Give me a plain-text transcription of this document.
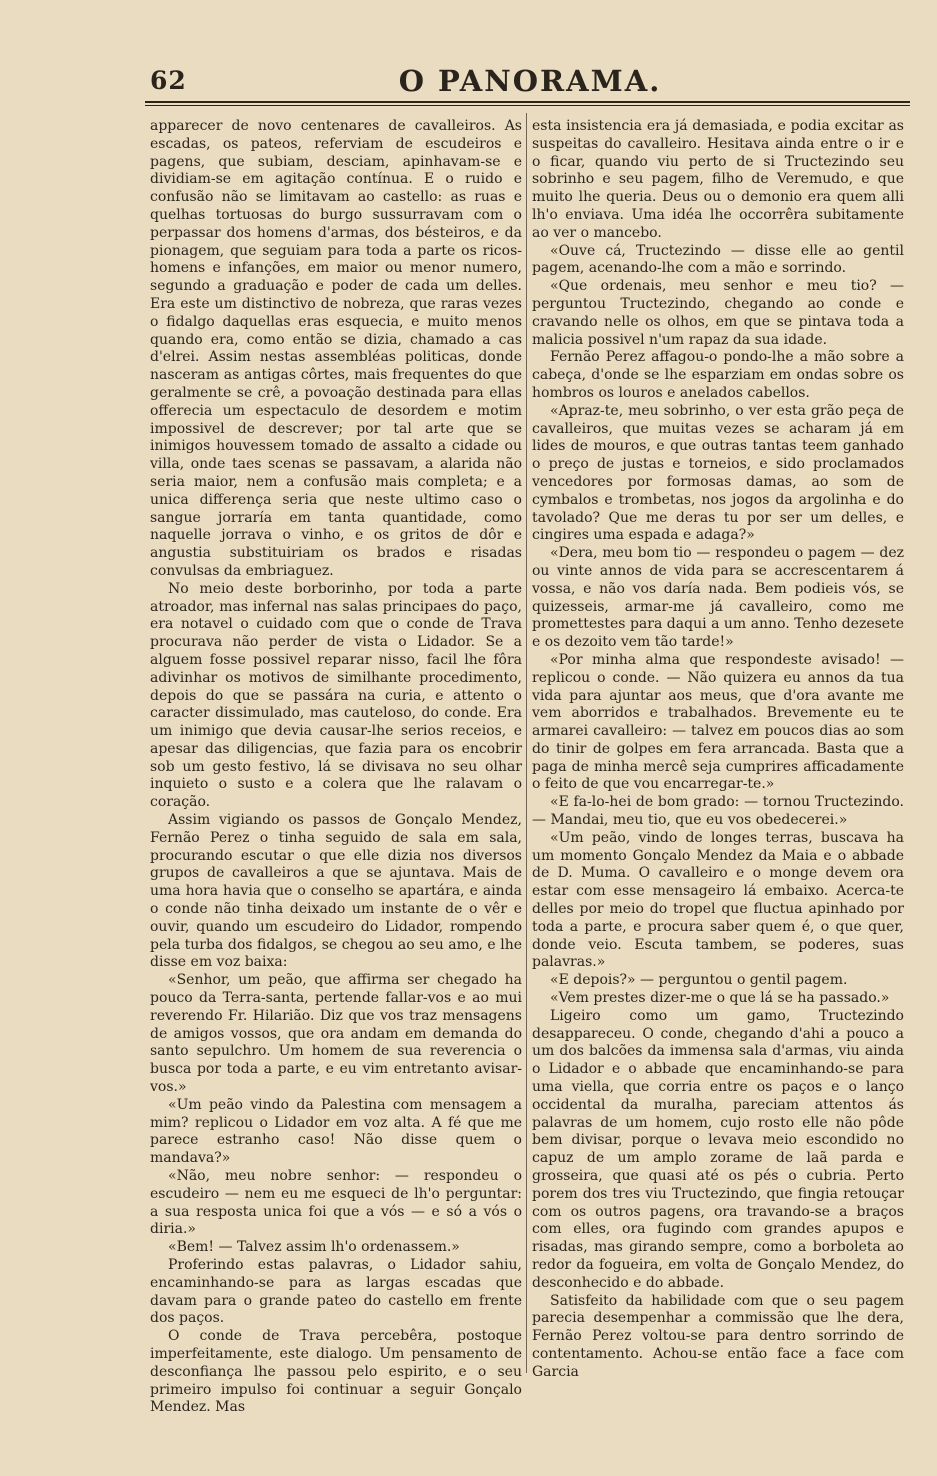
62	O PANORAMA.

apparecer de novo centenares de cavalleiros. As escadas, os pateos, referviam de escudeiros e pagens, que subiam, desciam, apinhavam-se e dividiam-se em agitação contínua. E o ruido e confusão não se limitavam ao castello: as ruas e quelhas tortuosas do burgo sussurravam com o perpassar dos homens d'armas, dos bésteiros, e da pionagem, que seguiam para toda a parte os ricos-homens e infanções, em maior ou menor numero, segundo a graduação e poder de cada um delles. Era este um distinctivo de nobreza, que raras vezes o fidalgo daquellas eras esquecia, e muito menos quando era, como então se dizia, chamado a cas d'elrei. Assim nestas assembléas politicas, donde nasceram as antigas côrtes, mais frequentes do que geralmente se crê, a povoação destinada para ellas offerecia um espectaculo de desordem e motim impossivel de descrever; por tal arte que se inimigos houvessem tomado de assalto a cidade ou villa, onde taes scenas se passavam, a alarida não seria maior, nem a confusão mais completa; e a unica differença seria que neste ultimo caso o sangue jorraría em tanta quantidade, como naquelle jorrava o vinho, e os gritos de dôr e angustia substituiriam os brados e risadas convulsas da embriaguez.

No meio deste borborinho, por toda a parte atroador, mas infernal nas salas principaes do paço, era notavel o cuidado com que o conde de Trava procurava não perder de vista o Lidador. Se a alguem fosse possivel reparar nisso, facil lhe fôra adivinhar os motivos de similhante procedimento, depois do que se passára na curia, e attento o caracter dissimulado, mas cauteloso, do conde. Era um inimigo que devia causar-lhe serios receios, e apesar das diligencias, que fazia para os encobrir sob um gesto festivo, lá se divisava no seu olhar inquieto o susto e a colera que lhe ralavam o coração.

Assim vigiando os passos de Gonçalo Mendez, Fernão Perez o tinha seguido de sala em sala, procurando escutar o que elle dizia nos diversos grupos de cavalleiros a que se ajuntava. Mais de uma hora havia que o conselho se apartára, e ainda o conde não tinha deixado um instante de o vêr e ouvir, quando um escudeiro do Lidador, rompendo pela turba dos fidalgos, se chegou ao seu amo, e lhe disse em voz baixa:

«Senhor, um peão, que affirma ser chegado ha pouco da Terra-santa, pertende fallar-vos e ao mui reverendo Fr. Hilarião. Diz que vos traz mensagens de amigos vossos, que ora andam em demanda do santo sepulchro. Um homem de sua reverencia o busca por toda a parte, e eu vim entretanto avisar-vos.»

«Um peão vindo da Palestina com mensagem a mim? replicou o Lidador em voz alta. A fé que me parece estranho caso! Não disse quem o mandava?»

«Não, meu nobre senhor: — respondeu o escudeiro — nem eu me esqueci de lh'o perguntar: a sua resposta unica foi que a vós — e só a vós o diria.»

«Bem! — Talvez assim lh'o ordenassem.»

Proferindo estas palavras, o Lidador sahiu, encaminhando-se para as largas escadas que davam para o grande pateo do castello em frente dos paços.

O conde de Trava percebêra, postoque imperfeitamente, este dialogo. Um pensamento de desconfiança lhe passou pelo espirito, e o seu primeiro impulso foi continuar a seguir Gonçalo Mendez. Mas

esta insistencia era já demasiada, e podia excitar as suspeitas do cavalleiro. Hesitava ainda entre o ir e o ficar, quando viu perto de si Tructezindo seu sobrinho e seu pagem, filho de Veremudo, e que muito lhe queria. Deus ou o demonio era quem alli lh'o enviava. Uma idéa lhe occorrêra subitamente ao ver o mancebo.

«Ouve cá, Tructezindo — disse elle ao gentil pagem, acenando-lhe com a mão e sorrindo.

«Que ordenais, meu senhor e meu tio? — perguntou Tructezindo, chegando ao conde e cravando nelle os olhos, em que se pintava toda a malicia possivel n'um rapaz da sua idade.

Fernão Perez affagou-o pondo-lhe a mão sobre a cabeça, d'onde se lhe esparziam em ondas sobre os hombros os louros e anelados cabellos.

«Apraz-te, meu sobrinho, o ver esta grão peça de cavalleiros, que muitas vezes se acharam já em lides de mouros, e que outras tantas teem ganhado o preço de justas e torneios, e sido proclamados vencedores por formosas damas, ao som de cymbalos e trombetas, nos jogos da argolinha e do tavolado? Que me deras tu por ser um delles, e cingires uma espada e adaga?»

«Dera, meu bom tio — respondeu o pagem — dez ou vinte annos de vida para se accrescentarem á vossa, e não vos daría nada. Bem podieis vós, se quizesseis, armar-me já cavalleiro, como me promettestes para daqui a um anno. Tenho dezesete e os dezoito vem tão tarde!»

«Por minha alma que respondeste avisado! — replicou o conde. — Não quizera eu annos da tua vida para ajuntar aos meus, que d'ora avante me vem aborridos e trabalhados. Brevemente eu te armarei cavalleiro: — talvez em poucos dias ao som do tinir de golpes em fera arrancada. Basta que a paga de minha mercê seja cumprires afficadamente o feito de que vou encarregar-te.»

«E fa-lo-hei de bom grado: — tornou Tructezindo. — Mandai, meu tio, que eu vos obedecerei.»

«Um peão, vindo de longes terras, buscava ha um momento Gonçalo Mendez da Maia e o abbade de D. Muma. O cavalleiro e o monge devem ora estar com esse mensageiro lá embaixo. Acerca-te delles por meio do tropel que fluctua apinhado por toda a parte, e procura saber quem é, o que quer, donde veio. Escuta tambem, se poderes, suas palavras.»

«E depois?» — perguntou o gentil pagem.

«Vem prestes dizer-me o que lá se ha passado.»

Ligeiro como um gamo, Tructezindo desappareceu. O conde, chegando d'ahi a pouco a um dos balcões da immensa sala d'armas, viu ainda o Lidador e o abbade que encaminhando-se para uma viella, que corria entre os paços e o lanço occidental da muralha, pareciam attentos ás palavras de um homem, cujo rosto elle não pôde bem divisar, porque o levava meio escondido no capuz de um amplo zorame de laã parda e grosseira, que quasi até os pés o cubria. Perto porem dos tres viu Tructezindo, que fingia retouçar com os outros pagens, ora travando-se a braços com elles, ora fugindo com grandes apupos e risadas, mas girando sempre, como a borboleta ao redor da fogueira, em volta de Gonçalo Mendez, do desconhecido e do abbade.

Satisfeito da habilidade com que o seu pagem parecia desempenhar a commissão que lhe dera, Fernão Perez voltou-se para dentro sorrindo de contentamento. Achou-se então face a face com Garcia
